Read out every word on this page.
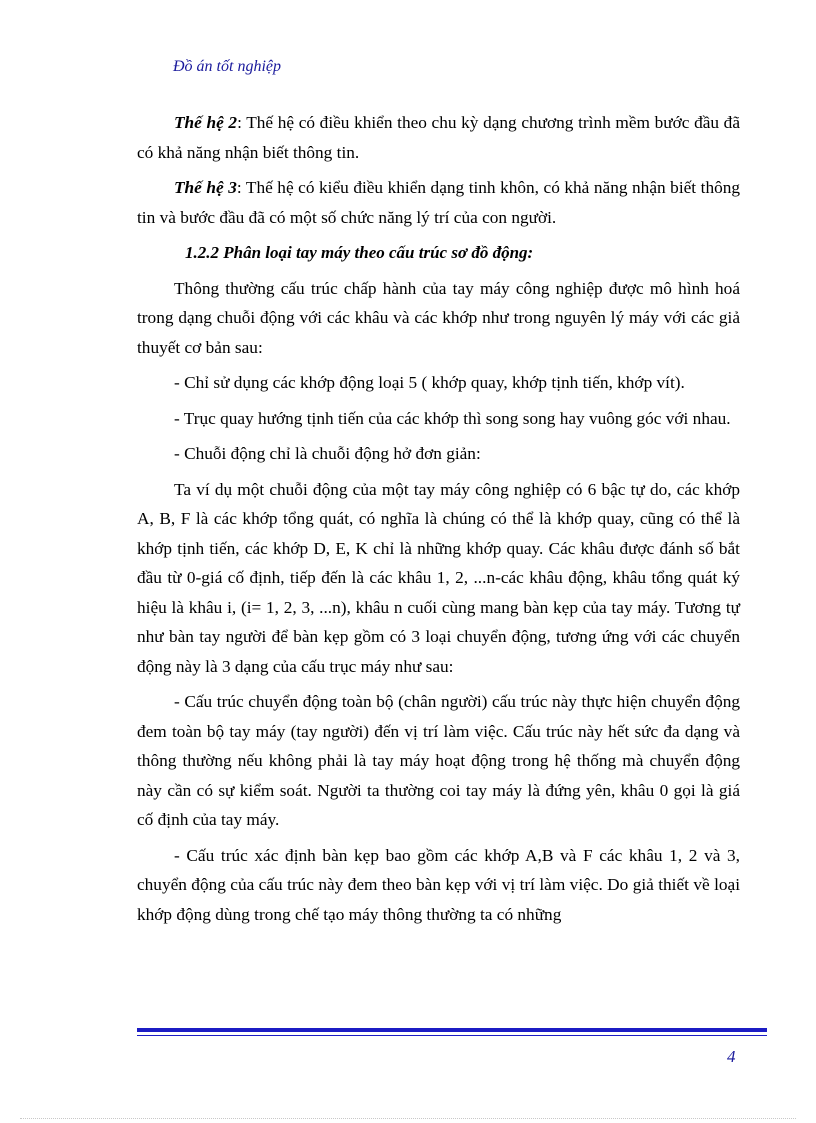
Đồ án tốt nghiệp

Thế hệ 2: Thế hệ có điều khiển theo chu kỳ dạng chương trình mềm bước đầu đã có khả năng nhận biết thông tin.

Thế hệ 3: Thế hệ có kiểu điều khiển dạng tinh khôn, có khả năng nhận biết thông tin và bước đầu đã có một số chức năng lý trí của con người.

1.2.2 Phân loại tay máy theo cấu trúc sơ đồ động:

Thông thường cấu trúc chấp hành của tay máy công nghiệp được mô hình hoá trong dạng chuỗi động với các khâu và các khớp như trong nguyên lý máy với các giả thuyết cơ bản sau:

- Chỉ sử dụng các khớp động loại 5 ( khớp quay, khớp tịnh tiến, khớp vít).

- Trục quay hướng tịnh tiến của các khớp thì song song hay vuông góc với nhau.

- Chuỗi động chỉ là chuỗi động hở đơn giản:

Ta ví dụ một chuỗi động của một tay máy công nghiệp có 6 bậc tự do, các khớp A, B, F là các khớp tổng quát, có nghĩa là chúng có thể là khớp quay, cũng có thể là khớp tịnh tiến, các khớp D, E, K chỉ là những khớp quay. Các khâu được đánh số bắt đầu từ 0-giá cố định, tiếp đến là các khâu 1, 2, ...n-các khâu động, khâu tổng quát ký hiệu là khâu i, (i= 1, 2, 3, ...n), khâu n cuối cùng mang bàn kẹp của tay máy. Tương tự như bàn tay người để bàn kẹp gồm có 3 loại chuyển động, tương ứng với các chuyển động này là 3 dạng của cấu trục máy như sau:

- Cấu trúc chuyển động toàn bộ (chân người) cấu trúc này thực hiện chuyển động đem toàn bộ tay máy (tay người) đến vị trí làm việc. Cấu trúc này hết sức đa dạng và thông thường nếu không phải là tay máy hoạt động trong hệ thống mà chuyển động này cần có sự kiểm soát. Người ta thường coi tay máy là đứng yên, khâu 0 gọi là giá cố định của tay máy.

- Cấu trúc xác định bàn kẹp bao gồm các khớp A,B và F các khâu 1, 2 và 3, chuyển động của cấu trúc này đem theo bàn kẹp với vị trí làm việc. Do giả thiết về loại khớp động dùng trong chế tạo máy thông thường ta có những

4
